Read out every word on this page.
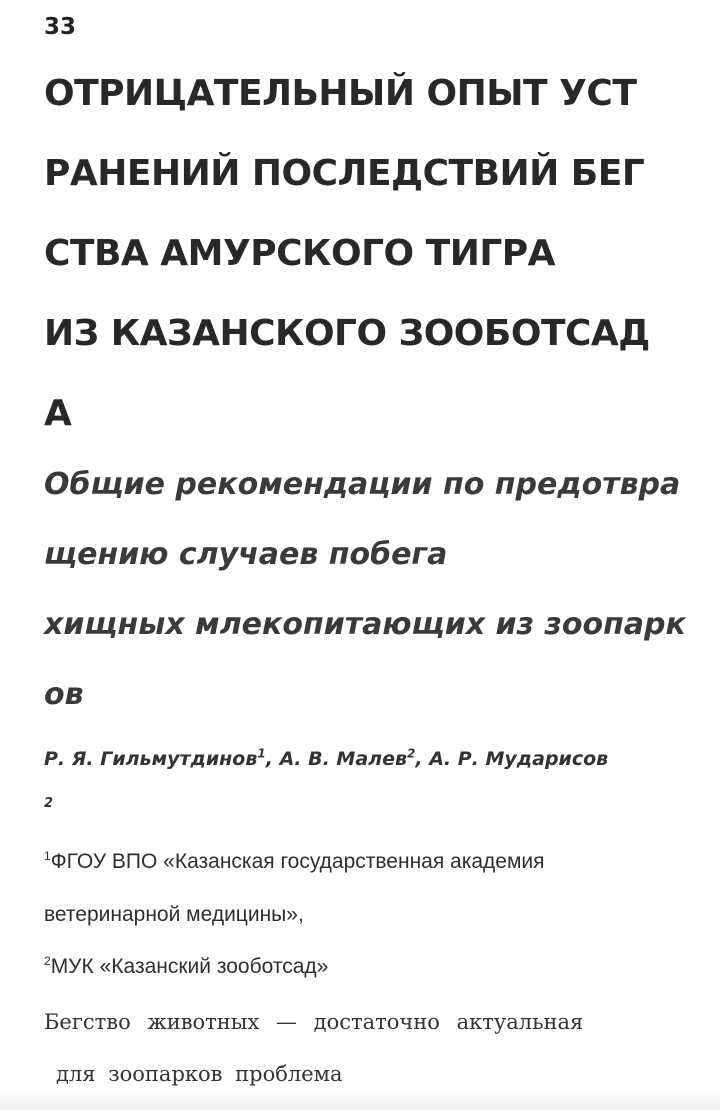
33
ОТРИЦАТЕЛЬНЫЙ ОПЫТ УСТ
РАНЕНИЙ ПОСЛЕДСТВИЙ БЕГ
СТВА АМУРСКОГО ТИГРА
ИЗ КАЗАНСКОГО ЗООБОТСАД
А
Общие рекомендации по предотвра
щению случаев побега
хищных млекопитающих из зоопарк
ов
Р. Я. Гильмутдинов$^1$, А. В. Малев$^2$, А. Р. Мударисов
2
$^1$ФГОУ ВПО «Казанская государственная академия
ветеринарной медицины»,
$^2$МУК «Казанский зооботсад»
Бегство животных — достаточно актуальная
для зоопарков проблема
